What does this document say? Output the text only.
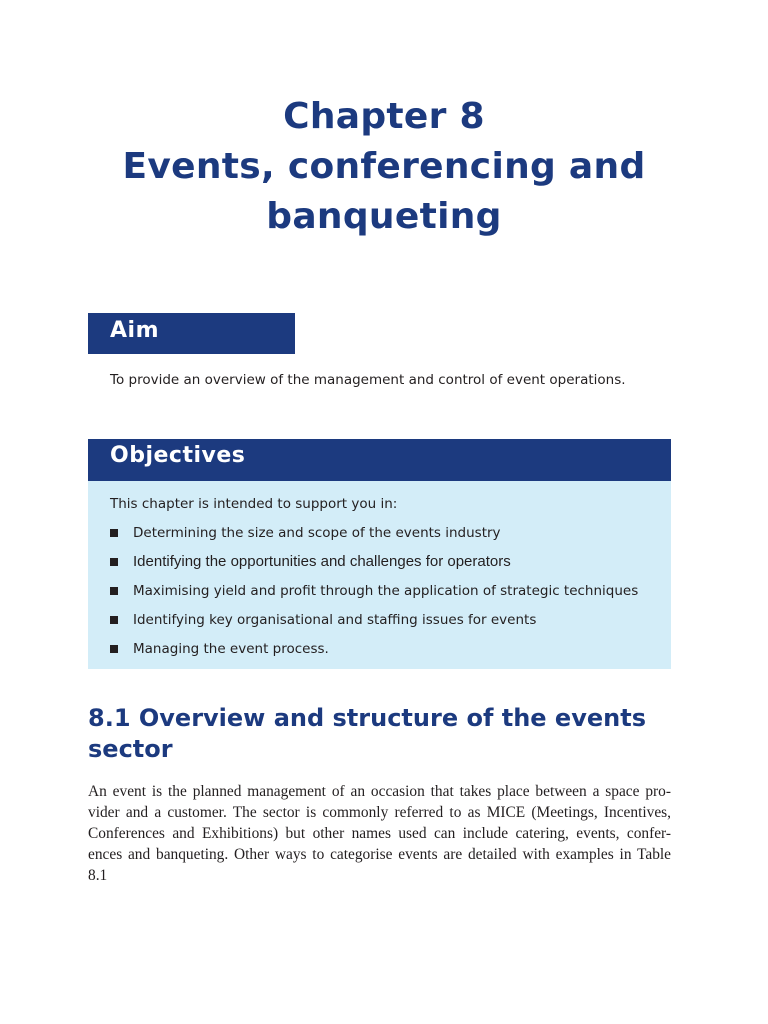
Chapter 8
Events, conferencing and
banqueting
Aim
To provide an overview of the management and control of event operations.
Objectives
This chapter is intended to support you in:
Determining the size and scope of the events industry
Identifying the opportunities and challenges for operators
Maximising yield and profit through the application of strategic techniques
Identifying key organisational and staffing issues for events
Managing the event process.
8.1 Overview and structure of the events
sector
An event is the planned management of an occasion that takes place between a space pro-
vider and a customer. The sector is commonly referred to as MICE (Meetings, Incentives,
Conferences and Exhibitions) but other names used can include catering, events, confer-
ences and banqueting. Other ways to categorise events are detailed with examples in Table
8.1
